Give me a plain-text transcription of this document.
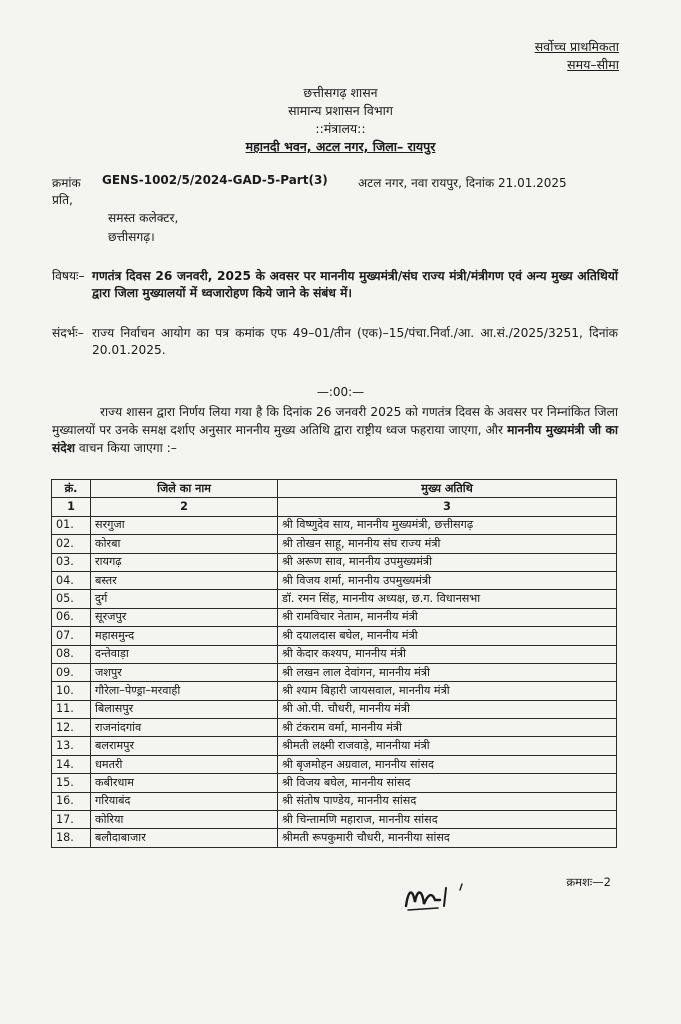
सर्वोच्च प्राथमिकता
समय–सीमा
छत्तीसगढ़ शासन
सामान्य प्रशासन विभाग
::मंत्रालय::
महानदी भवन, अटल नगर, जिला– रायपुर
क्रमांक GENS-1002/5/2024-GAD-5-Part(3)	अटल नगर, नवा रायपुर, दिनांक 21.01.2025
प्रति,
समस्त कलेक्टर,
छत्तीसगढ़।
विषयः– गणतंत्र दिवस 26 जनवरी, 2025 के अवसर पर माननीय मुख्यमंत्री/संघ राज्य मंत्री/मंत्रीगण एवं अन्य मुख्य अतिथियों द्वारा जिला मुख्यालयों में ध्वजारोहण किये जाने के संबंध में।
संदर्भः– राज्य निर्वाचन आयोग का पत्र कमांक एफ 49–01/तीन (एक)–15/पंचा.निर्वा./आ. आ.सं./2025/3251, दिनांक 20.01.2025.
—:00:—
राज्य शासन द्वारा निर्णय लिया गया है कि दिनांक 26 जनवरी 2025 को गणतंत्र दिवस के अवसर पर निम्नांकित जिला मुख्यालयों पर उनके समक्ष दर्शाए अनुसार माननीय मुख्य अतिथि द्वारा राष्ट्रीय ध्वज फहराया जाएगा, और माननीय मुख्यमंत्री जी का संदेश वाचन किया जाएगा :–
क्रं.	जिले का नाम	मुख्य अतिथि
1	2	3
01.	सरगुजा	श्री विष्णुदेव साय, माननीय मुख्यमंत्री, छत्तीसगढ़
02.	कोरबा	श्री तोखन साहू, माननीय संघ राज्य मंत्री
03.	रायगढ़	श्री अरूण साव, माननीय उपमुख्यमंत्री
04.	बस्तर	श्री विजय शर्मा, माननीय उपमुख्यमंत्री
05.	दुर्ग	डॉ. रमन सिंह, माननीय अध्यक्ष, छ.ग. विधानसभा
06.	सूरजपुर	श्री रामविचार नेताम, माननीय मंत्री
07.	महासमुन्द	श्री दयालदास बघेल, माननीय मंत्री
08.	दन्तेवाड़ा	श्री केदार कश्यप, माननीय मंत्री
09.	जशपुर	श्री लखन लाल देवांगन, माननीय मंत्री
10.	गौरेला–पेण्ड्रा–मरवाही	श्री श्याम बिहारी जायसवाल, माननीय मंत्री
11.	बिलासपुर	श्री ओ.पी. चौधरी, माननीय मंत्री
12.	राजनांदगांव	श्री टंकराम वर्मा, माननीय मंत्री
13.	बलरामपुर	श्रीमती लक्ष्मी राजवाड़े, माननीया मंत्री
14.	धमतरी	श्री बृजमोहन अग्रवाल, माननीय सांसद
15.	कबीरधाम	श्री विजय बघेल, माननीय सांसद
16.	गरियाबंद	श्री संतोष पाण्डेय, माननीय सांसद
17.	कोरिया	श्री चिन्तामणि महाराज, माननीय सांसद
18.	बलौदाबाजार	श्रीमती रूपकुमारी चौधरी, माननीया सांसद
क्रमशः—2
